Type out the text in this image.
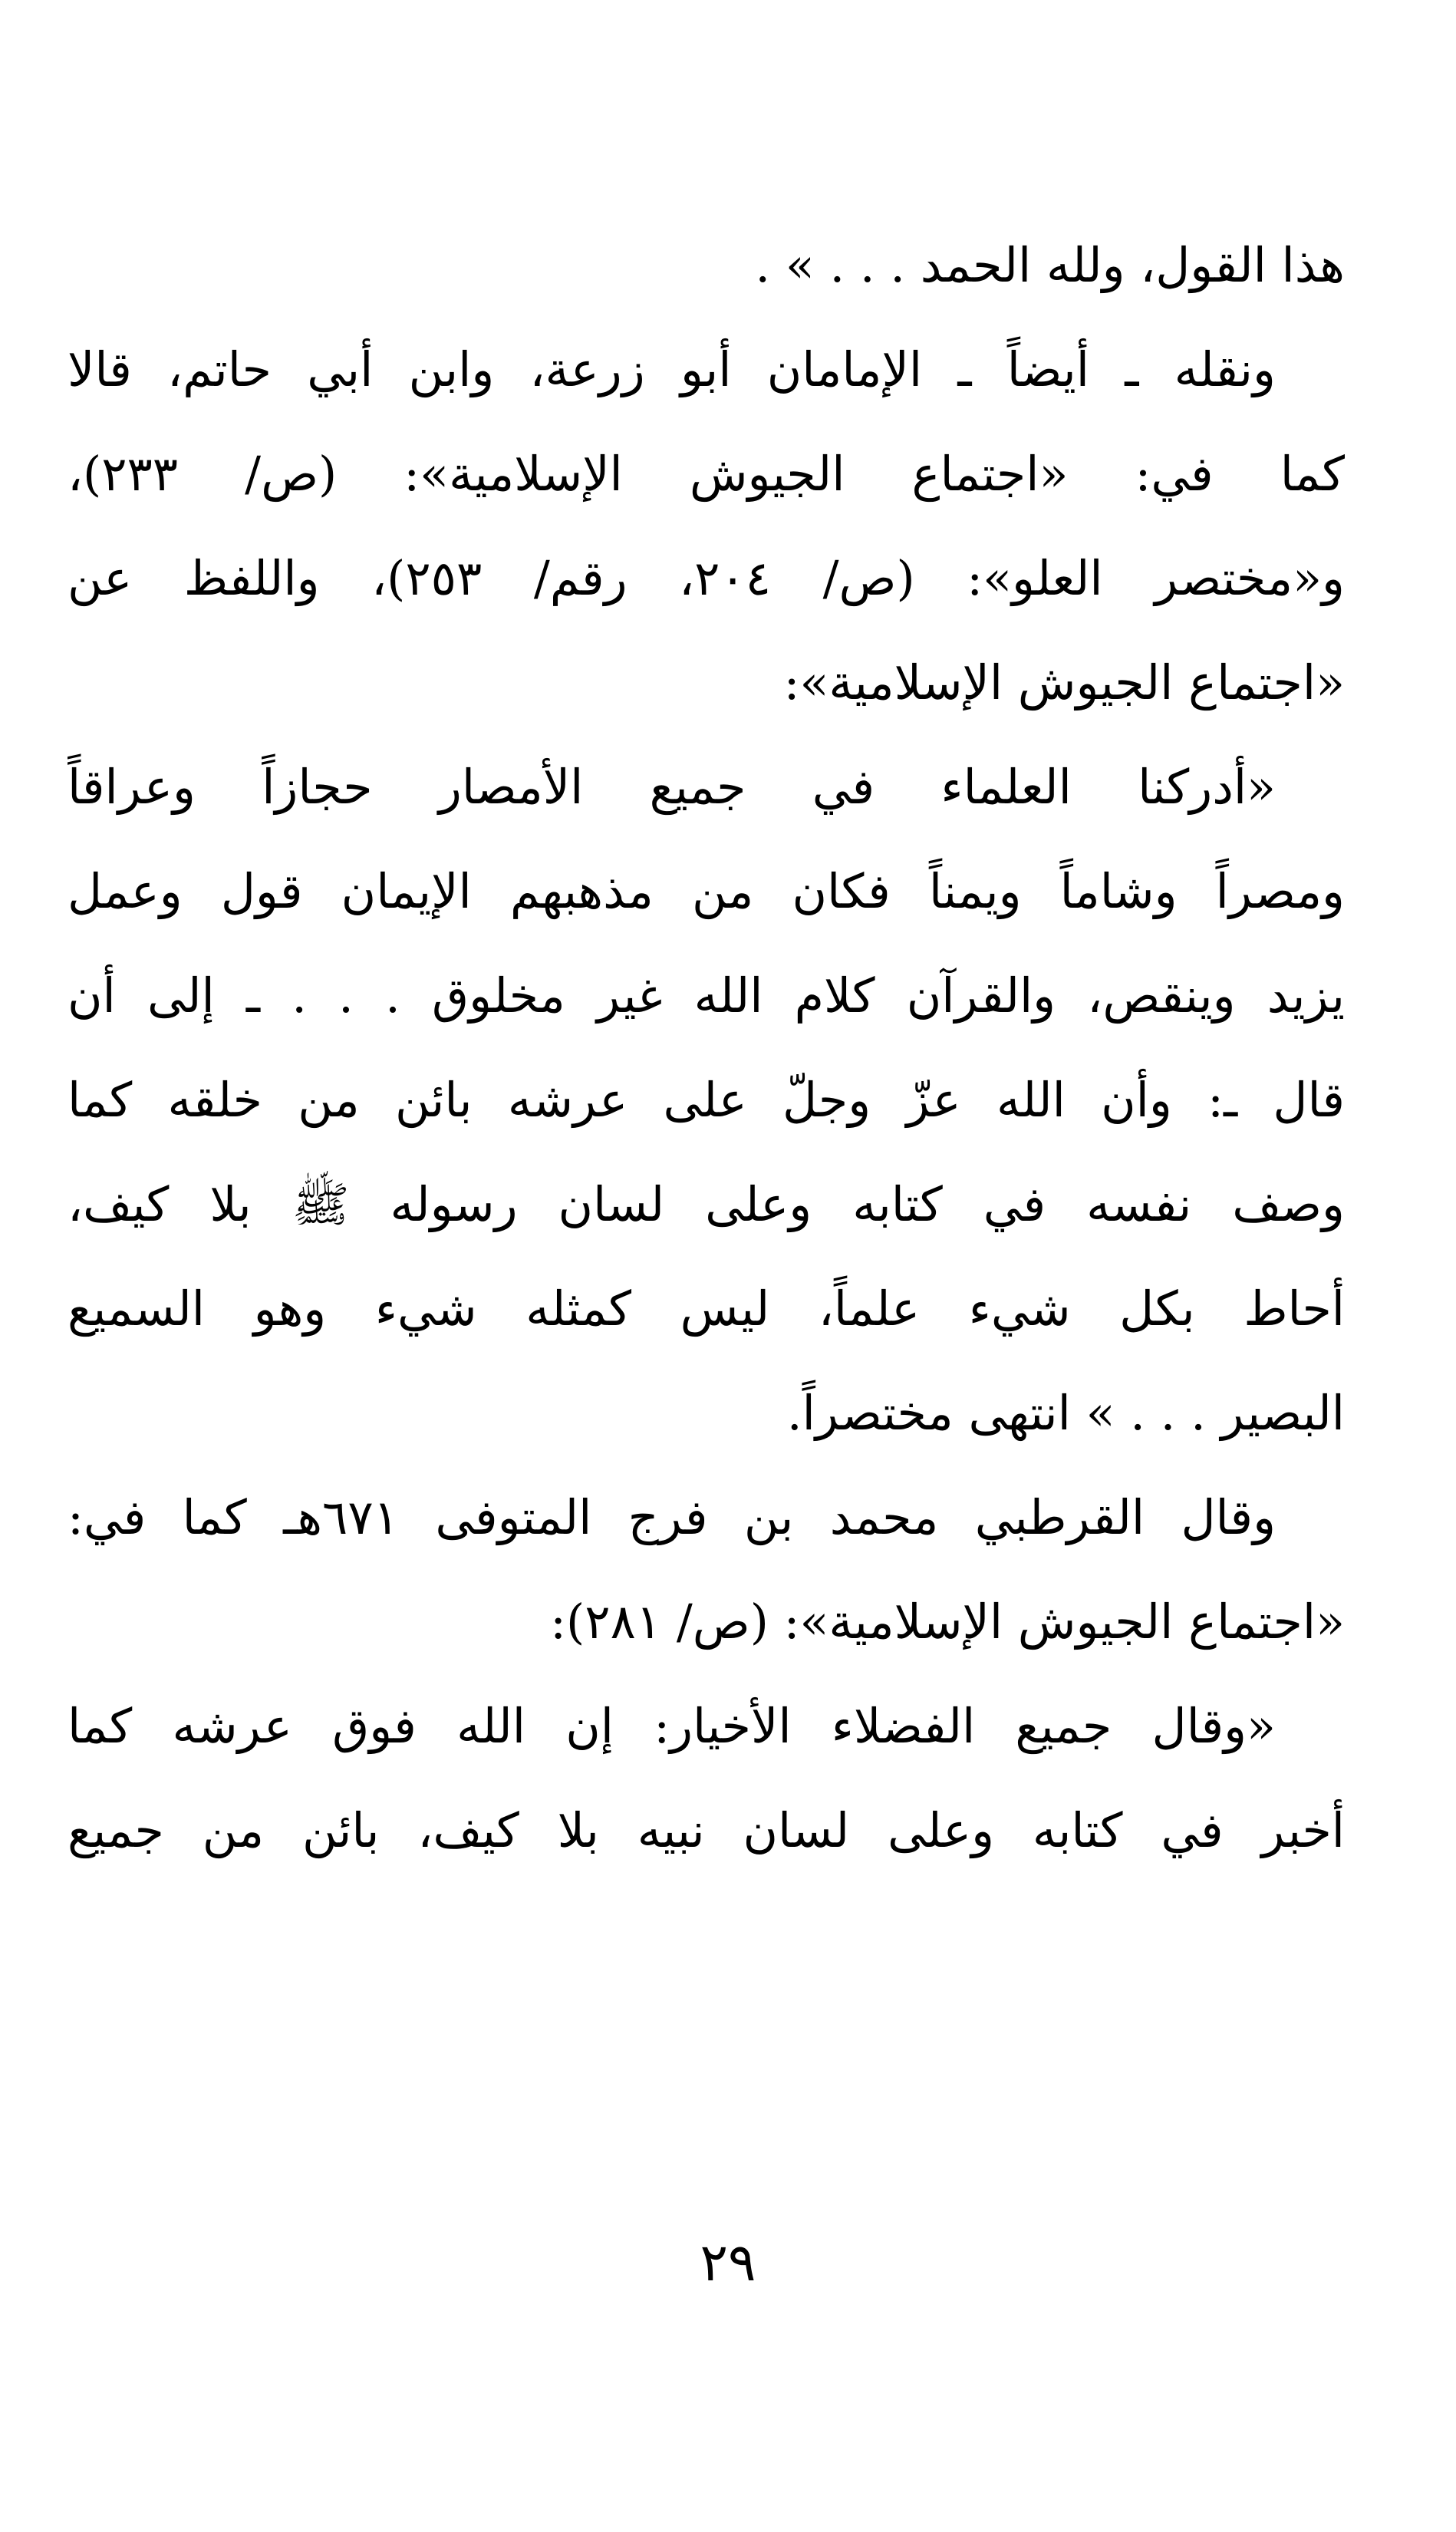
هذا القول، ولله الحمد . . . » .
ونقله ـ أيضاً ـ الإمامان أبو زرعة، وابن أبي حاتم، قالا
كما في: «اجتماع الجيوش الإسلامية»: (ص/ ٢٣٣)،
و«مختصر العلو»: (ص/ ٢٠٤، رقم/ ٢٥٣)، واللفظ عن
«اجتماع الجيوش الإسلامية»:
«أدركنا العلماء في جميع الأمصار حجازاً وعراقاً
ومصراً وشاماً ويمناً فكان من مذهبهم الإيمان قول وعمل
يزيد وينقص، والقرآن كلام الله غير مخلوق . . . ـ إلى أن
قال ـ: وأن الله عزّ وجلّ على عرشه بائن من خلقه كما
وصف نفسه في كتابه وعلى لسان رسوله ﷺ بلا كيف،
أحاط بكل شيء علماً، ليس كمثله شيء وهو السميع
البصير . . . » انتهى مختصراً.
وقال القرطبي محمد بن فرج المتوفى ٦٧١هـ كما في:
«اجتماع الجيوش الإسلامية»: (ص/ ٢٨١):
«وقال جميع الفضلاء الأخيار: إن الله فوق عرشه كما
أخبر في كتابه وعلى لسان نبيه بلا كيف، بائن من جميع
٢٩
